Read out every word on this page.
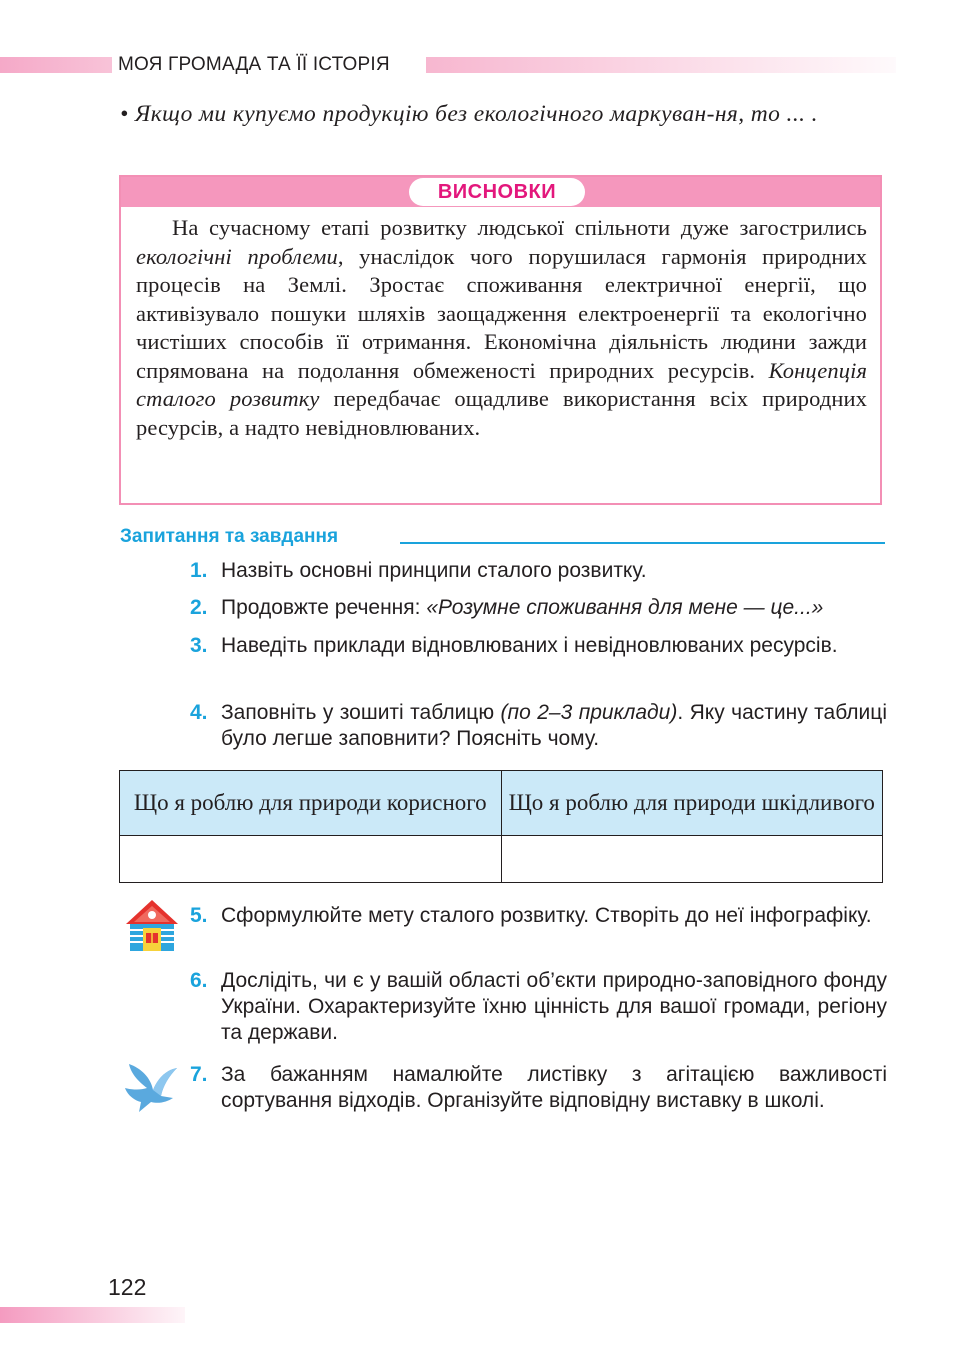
МОЯ ГРОМАДА ТА ЇЇ ІСТОРІЯ
• Якщо ми купуємо продукцію без екологічного маркуван-ня, то ... .
ВИСНОВКИ
На сучасному етапі розвитку людської спільноти дуже загострились екологічні проблеми, унаслідок чого порушилася гармонія природних процесів на Землі. Зростає споживання електричної енергії, що активізувало пошуки шляхів заощадження електроенергії та екологічно чистіших способів її отримання. Економічна діяльність людини зажди спрямована на подолання обмеженості природних ресурсів. Концепція сталого розвитку передбачає ощадливе використання всіх природних ресурсів, а надто невідновлюваних.
Запитання та завдання
1. Назвіть основні принципи сталого розвитку.
2. Продовжте речення: «Розумне споживання для мене — це...»
3. Наведіть приклади відновлюваних і невідновлюваних ресурсів.
4. Заповніть у зошиті таблицю (по 2–3 приклади). Яку частину таблиці було легше заповнити? Поясніть чому.
Що я роблю для природи корисного	Що я роблю для природи шкідливого

5. Сформулюйте мету сталого розвитку. Створіть до неї інфографіку.
6. Дослідіть, чи є у вашій області об’єкти природно-заповідного фонду України. Охарактеризуйте їхню цінність для вашої громади, регіону та держави.
7. За бажанням намалюйте листівку з агітацією важливості сортування відходів. Організуйте відповідну виставку в школі.
122
